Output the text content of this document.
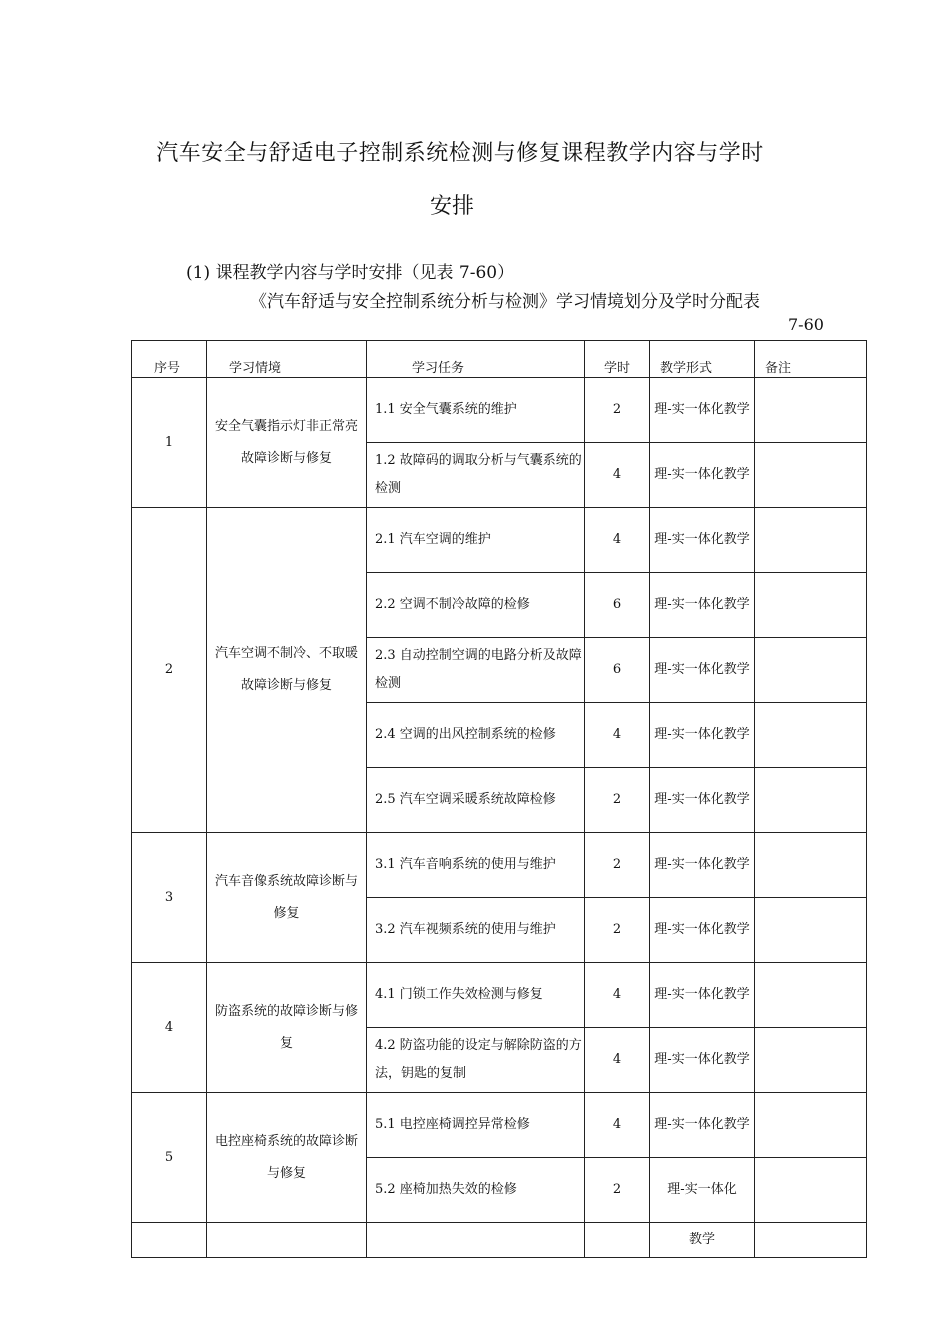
汽车安全与舒适电子控制系统检测与修复课程教学内容与学时
安排
(1) 课程教学内容与学时安排（见表 7-60）
《汽车舒适与安全控制系统分析与检测》学习情境划分及学时分配表
7-60
序号	学习情境	学习任务	学时	教学形式	备注
1	安全气囊指示灯非正常亮故障诊断与修复	1.1 安全气囊系统的维护	2	理-实一体化教学	
		1.2 故障码的调取分析与气囊系统的检测	4	理-实一体化教学	
2	汽车空调不制冷、不取暖故障诊断与修复	2.1 汽车空调的维护	4	理-实一体化教学	
		2.2 空调不制冷故障的检修	6	理-实一体化教学	
		2.3 自动控制空调的电路分析及故障检测	6	理-实一体化教学	
		2.4 空调的出风控制系统的检修	4	理-实一体化教学	
		2.5 汽车空调采暖系统故障检修	2	理-实一体化教学	
3	汽车音像系统故障诊断与修复	3.1 汽车音响系统的使用与维护	2	理-实一体化教学	
		3.2 汽车视频系统的使用与维护	2	理-实一体化教学	
4	防盗系统的故障诊断与修复	4.1 门锁工作失效检测与修复	4	理-实一体化教学	
		4.2 防盗功能的设定与解除防盗的方法，钥匙的复制	4	理-实一体化教学	
5	电控座椅系统的故障诊断与修复	5.1 电控座椅调控异常检修	4	理-实一体化教学	
		5.2 座椅加热失效的检修	2	理-实一体化	
				教学	
